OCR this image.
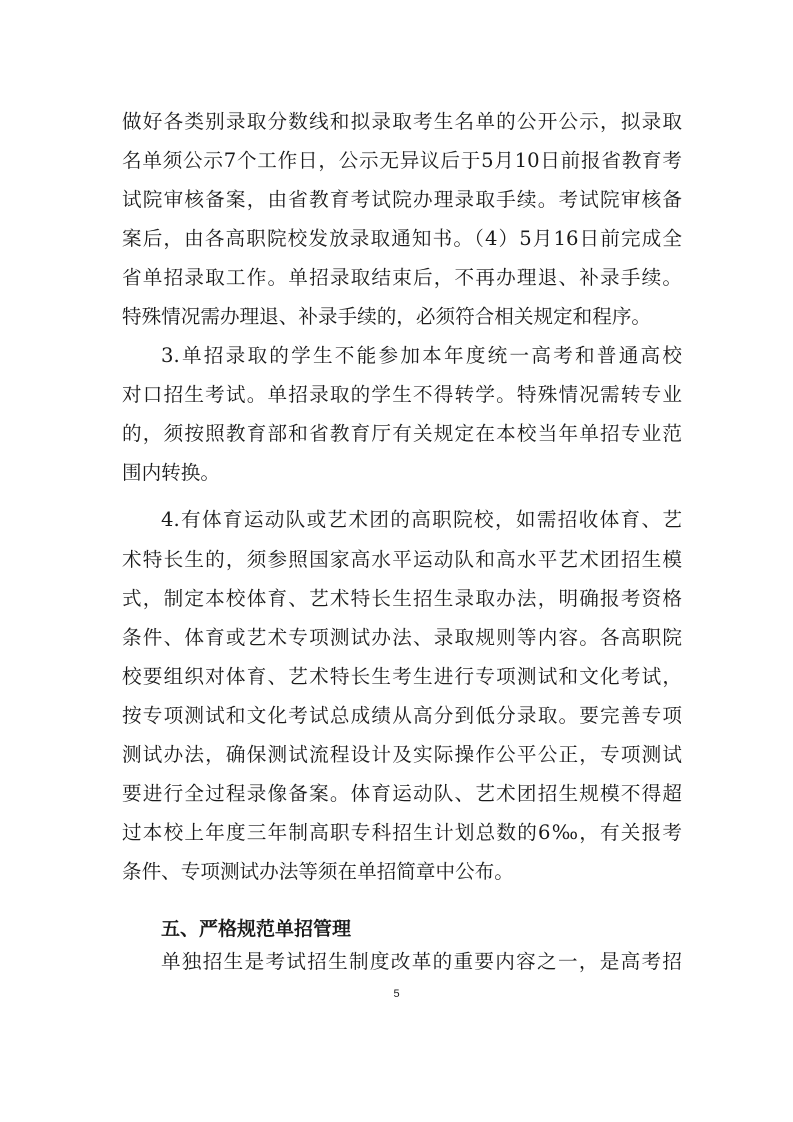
做好各类别录取分数线和拟录取考生名单的公开公示，拟录取
名单须公示7个工作日，公示无异议后于5月10日前报省教育考
试院审核备案，由省教育考试院办理录取手续。考试院审核备
案后，由各高职院校发放录取通知书。（4）5月16日前完成全
省单招录取工作。单招录取结束后，不再办理退、补录手续。
特殊情况需办理退、补录手续的，必须符合相关规定和程序。
3.单招录取的学生不能参加本年度统一高考和普通高校
对口招生考试。单招录取的学生不得转学。特殊情况需转专业
的，须按照教育部和省教育厅有关规定在本校当年单招专业范
围内转换。
4.有体育运动队或艺术团的高职院校，如需招收体育、艺
术特长生的，须参照国家高水平运动队和高水平艺术团招生模
式，制定本校体育、艺术特长生招生录取办法，明确报考资格
条件、体育或艺术专项测试办法、录取规则等内容。各高职院
校要组织对体育、艺术特长生考生进行专项测试和文化考试，
按专项测试和文化考试总成绩从高分到低分录取。要完善专项
测试办法，确保测试流程设计及实际操作公平公正，专项测试
要进行全过程录像备案。体育运动队、艺术团招生规模不得超
过本校上年度三年制高职专科招生计划总数的6‰，有关报考
条件、专项测试办法等须在单招简章中公布。
五、严格规范单招管理
单独招生是考试招生制度改革的重要内容之一，是高考招
5
